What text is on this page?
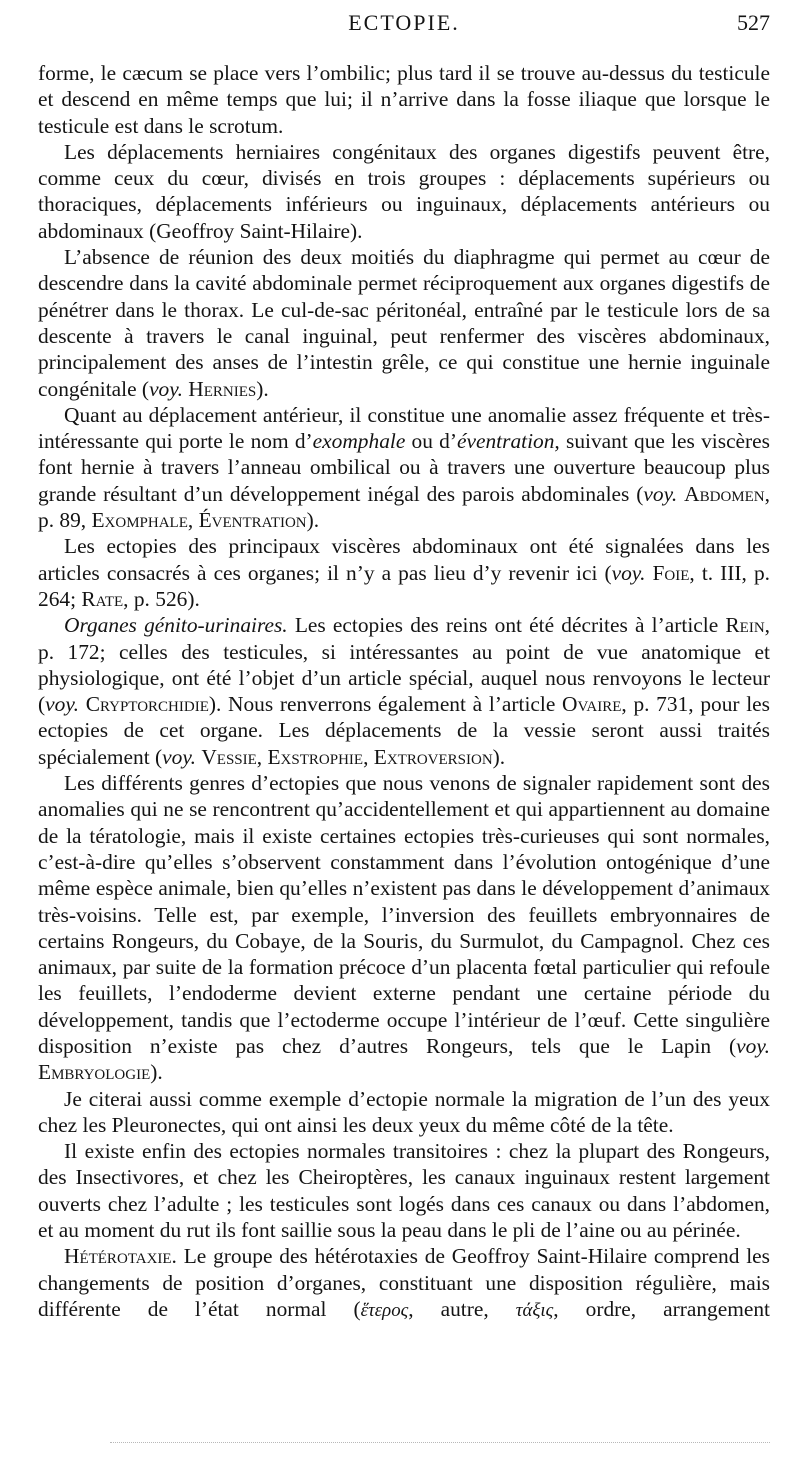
ECTOPIE.	527

forme, le cæcum se place vers l’ombilic; plus tard il se trouve au-dessus du testicule et descend en même temps que lui; il n’arrive dans la fosse iliaque que lorsque le testicule est dans le scrotum.

Les déplacements herniaires congénitaux des organes digestifs peuvent être, comme ceux du cœur, divisés en trois groupes : déplacements supérieurs ou thoraciques, déplacements inférieurs ou inguinaux, déplacements antérieurs ou abdominaux (Geoffroy Saint-Hilaire).

L’absence de réunion des deux moitiés du diaphragme qui permet au cœur de descendre dans la cavité abdominale permet réciproquement aux organes digestifs de pénétrer dans le thorax. Le cul-de-sac péritonéal, entraîné par le testicule lors de sa descente à travers le canal inguinal, peut renfermer des viscères abdominaux, principalement des anses de l’intestin grêle, ce qui constitue une hernie inguinale congénitale (voy. Hernies).

Quant au déplacement antérieur, il constitue une anomalie assez fréquente et très-intéressante qui porte le nom d’exomphale ou d’éventration, suivant que les viscères font hernie à travers l’anneau ombilical ou à travers une ouverture beaucoup plus grande résultant d’un développement inégal des parois abdominales (voy. Abdomen, p. 89, Exomphale, Éventration).

Les ectopies des principaux viscères abdominaux ont été signalées dans les articles consacrés à ces organes; il n’y a pas lieu d’y revenir ici (voy. Foie, t. III, p. 264; Rate, p. 526).

Organes génito-urinaires. Les ectopies des reins ont été décrites à l’article Rein, p. 172; celles des testicules, si intéressantes au point de vue anatomique et physiologique, ont été l’objet d’un article spécial, auquel nous renvoyons le lecteur (voy. Cryptorchidie). Nous renverrons également à l’article Ovaire, p. 731, pour les ectopies de cet organe. Les déplacements de la vessie seront aussi traités spécialement (voy. Vessie, Exstrophie, Extroversion).

Les différents genres d’ectopies que nous venons de signaler rapidement sont des anomalies qui ne se rencontrent qu’accidentellement et qui appartiennent au domaine de la tératologie, mais il existe certaines ectopies très-curieuses qui sont normales, c’est-à-dire qu’elles s’observent constamment dans l’évolution ontogénique d’une même espèce animale, bien qu’elles n’existent pas dans le développement d’animaux très-voisins. Telle est, par exemple, l’inversion des feuillets embryonnaires de certains Rongeurs, du Cobaye, de la Souris, du Surmulot, du Campagnol. Chez ces animaux, par suite de la formation précoce d’un placenta fœtal particulier qui refoule les feuillets, l’endoderme devient externe pendant une certaine période du développement, tandis que l’ectoderme occupe l’intérieur de l’œuf. Cette singulière disposition n’existe pas chez d’autres Rongeurs, tels que le Lapin (voy. Embryologie).

Je citerai aussi comme exemple d’ectopie normale la migration de l’un des yeux chez les Pleuronectes, qui ont ainsi les deux yeux du même côté de la tête.

Il existe enfin des ectopies normales transitoires : chez la plupart des Rongeurs, des Insectivores, et chez les Cheiroptères, les canaux inguinaux restent largement ouverts chez l’adulte ; les testicules sont logés dans ces canaux ou dans l’abdomen, et au moment du rut ils font saillie sous la peau dans le pli de l’aine ou au périnée.

Hétérotaxie. Le groupe des hétérotaxies de Geoffroy Saint-Hilaire comprend les changements de position d’organes, constituant une disposition régulière, mais différente de l’état normal (ἕτερος, autre, τάξις, ordre, arrangement
